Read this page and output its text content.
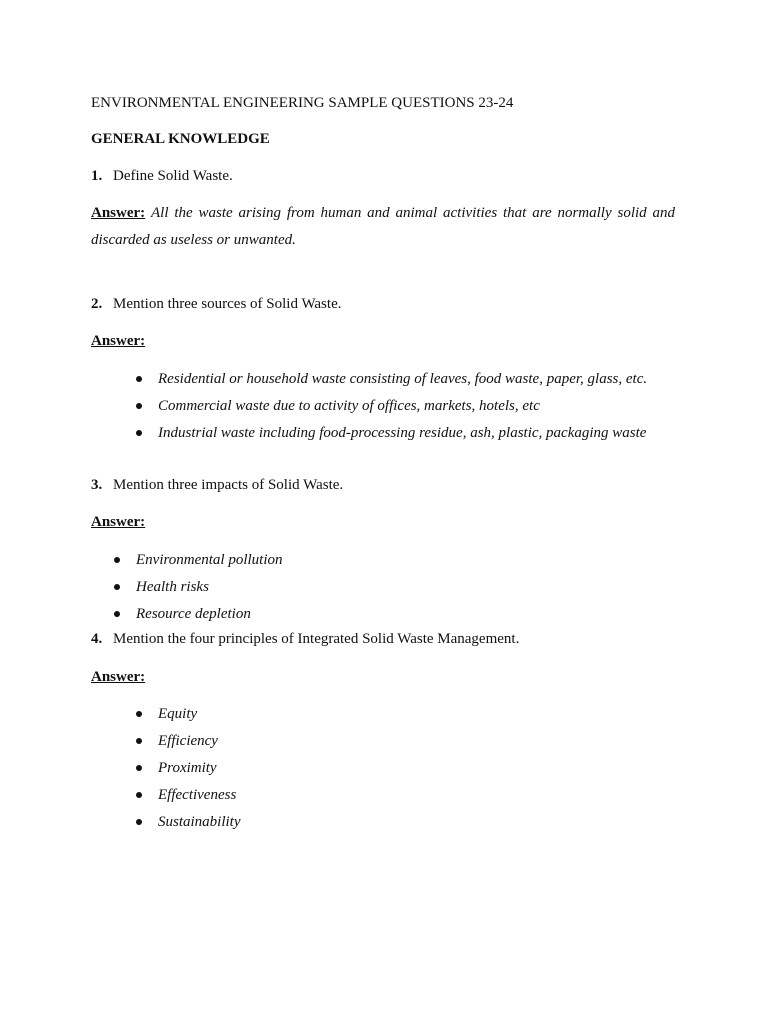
ENVIRONMENTAL ENGINEERING SAMPLE QUESTIONS 23-24
GENERAL KNOWLEDGE
1. Define Solid Waste.
Answer: All the waste arising from human and animal activities that are normally solid and
discarded as useless or unwanted.
2. Mention three sources of Solid Waste.
Answer:
Residential or household waste consisting of leaves, food waste, paper, glass, etc.
Commercial waste due to activity of offices, markets, hotels, etc
Industrial waste including food-processing residue, ash, plastic, packaging waste
3. Mention three impacts of Solid Waste.
Answer:
Environmental pollution
Health risks
Resource depletion
4. Mention the four principles of Integrated Solid Waste Management.
Answer:
Equity
Efficiency
Proximity
Effectiveness
Sustainability
